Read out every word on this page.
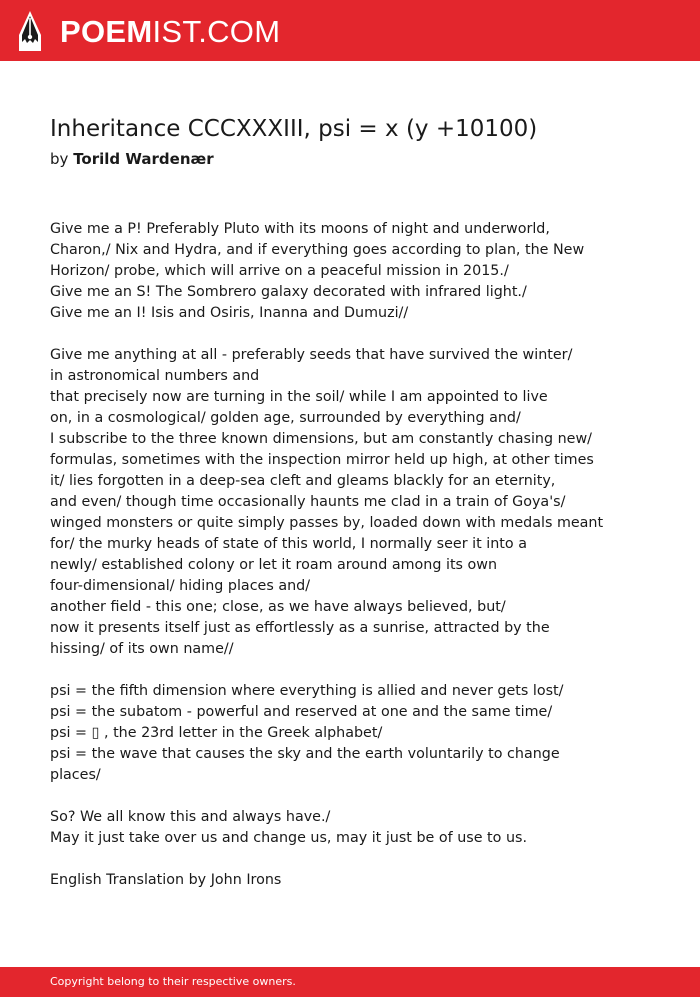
POEMIST.COM
Inheritance CCCXXXIII, psi = x (y +10100)
by Torild Wardenær
Give me a P! Preferably Pluto with its moons of night and underworld,
Charon,/ Nix and Hydra, and if everything goes according to plan, the New
Horizon/ probe, which will arrive on a peaceful mission in 2015./
Give me an S! The Sombrero galaxy decorated with infrared light./
Give me an I! Isis and Osiris, Inanna and Dumuzi//
Give me anything at all - preferably seeds that have survived the winter/
in astronomical numbers and
that precisely now are turning in the soil/ while I am appointed to live
on, in a cosmological/ golden age, surrounded by everything and/
I subscribe to the three known dimensions, but am constantly chasing new/
formulas, sometimes with the inspection mirror held up high, at other times
it/ lies forgotten in a deep-sea cleft and gleams blackly for an eternity,
and even/ though time occasionally haunts me clad in a train of Goya's/
winged monsters or quite simply passes by, loaded down with medals meant
for/ the murky heads of state of this world, I normally seer it into a
newly/ established colony or let it roam around among its own
four-dimensional/ hiding places and/
another field - this one; close, as we have always believed, but/
now it presents itself just as effortlessly as a sunrise, attracted by the
hissing/ of its own name//
psi = the fifth dimension where everything is allied and never gets lost/
psi = the subatom - powerful and reserved at one and the same time/
psi = ▯ , the 23rd letter in the Greek alphabet/
psi = the wave that causes the sky and the earth voluntarily to change
places/
So? We all know this and always have./
May it just take over us and change us, may it just be of use to us.
English Translation by John Irons
Copyright belong to their respective owners.
